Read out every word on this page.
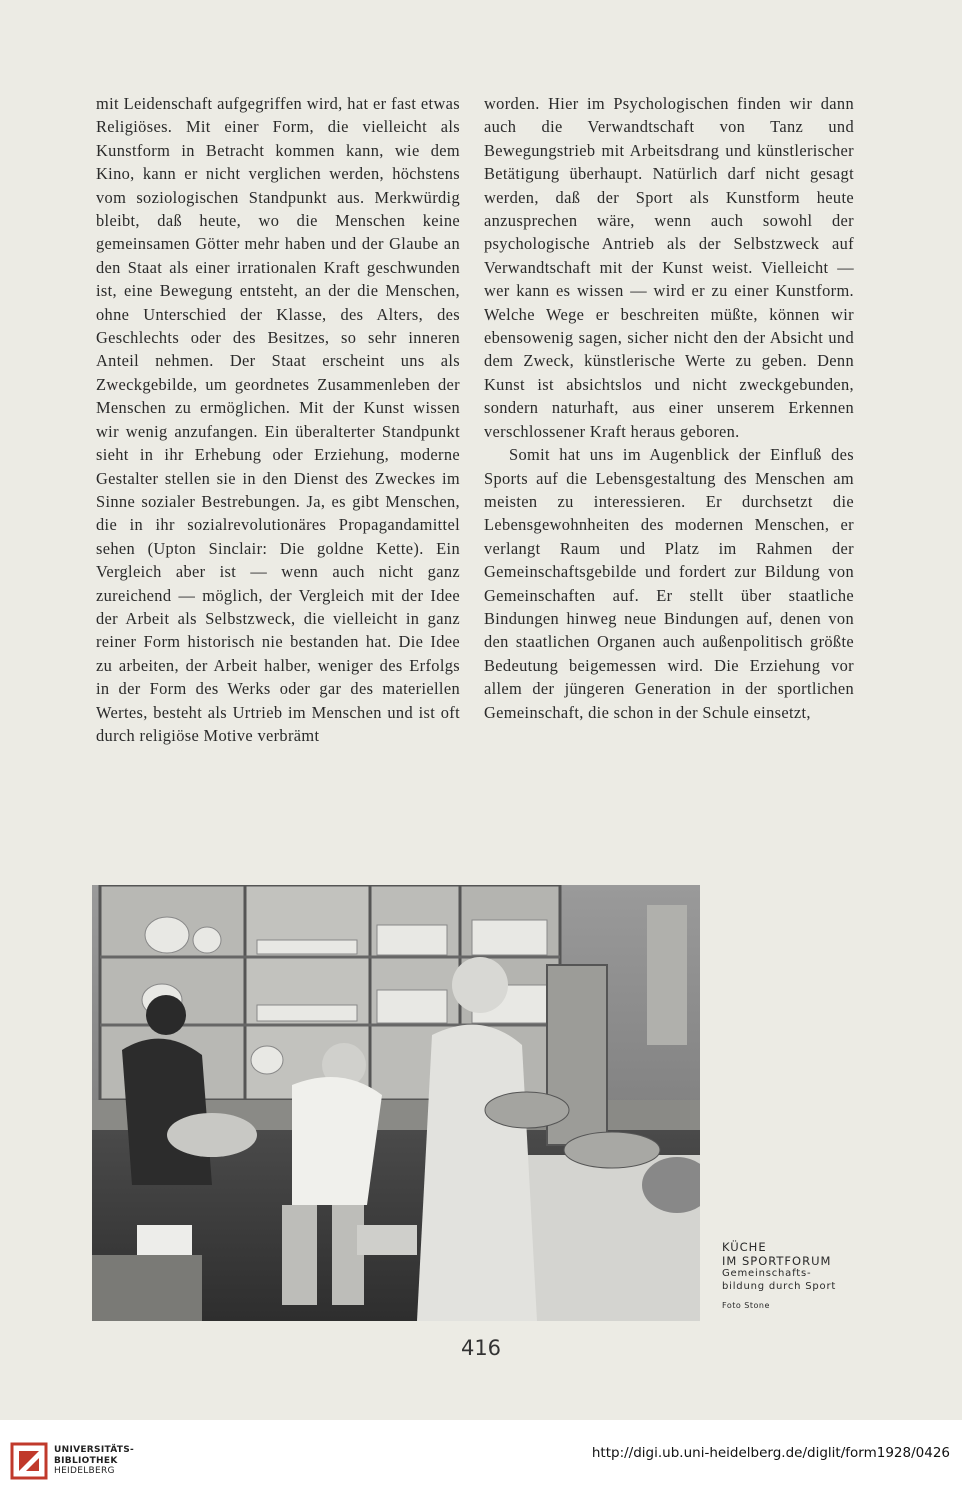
mit Leidenschaft aufgegriffen wird, hat er fast etwas Religiöses. Mit einer Form, die vielleicht als Kunstform in Betracht kommen kann, wie dem Kino, kann er nicht verglichen werden, höchstens vom soziologischen Standpunkt aus. Merkwürdig bleibt, daß heute, wo die Menschen keine gemeinsamen Götter mehr haben und der Glaube an den Staat als einer irrationalen Kraft geschwunden ist, eine Bewegung entsteht, an der die Menschen, ohne Unterschied der Klasse, des Alters, des Geschlechts oder des Besitzes, so sehr inneren Anteil nehmen. Der Staat erscheint uns als Zweckgebilde, um geordnetes Zusammenleben der Menschen zu ermöglichen. Mit der Kunst wissen wir wenig anzufangen. Ein überalterter Standpunkt sieht in ihr Erhebung oder Erziehung, moderne Gestalter stellen sie in den Dienst des Zweckes im Sinne sozialer Bestrebungen. Ja, es gibt Menschen, die in ihr sozialrevolutionäres Propagandamittel sehen (Upton Sinclair: Die goldne Kette). Ein Vergleich aber ist — wenn auch nicht ganz zureichend — möglich, der Vergleich mit der Idee der Arbeit als Selbstzweck, die vielleicht in ganz reiner Form historisch nie bestanden hat. Die Idee zu arbeiten, der Arbeit halber, weniger des Erfolgs in der Form des Werks oder gar des materiellen Wertes, besteht als Urtrieb im Menschen und ist oft durch religiöse Motive verbrämt

worden. Hier im Psychologischen finden wir dann auch die Verwandtschaft von Tanz und Bewegungstrieb mit Arbeitsdrang und künstlerischer Betätigung überhaupt. Natürlich darf nicht gesagt werden, daß der Sport als Kunstform heute anzusprechen wäre, wenn auch sowohl der psychologische Antrieb als der Selbstzweck auf Verwandtschaft mit der Kunst weist. Vielleicht — wer kann es wissen — wird er zu einer Kunstform. Welche Wege er beschreiten müßte, können wir ebensowenig sagen, sicher nicht den der Absicht und dem Zweck, künstlerische Werte zu geben. Denn Kunst ist absichtslos und nicht zweckgebunden, sondern naturhaft, aus einer unserem Erkennen verschlossener Kraft heraus geboren.

Somit hat uns im Augenblick der Einfluß des Sports auf die Lebensgestaltung des Menschen am meisten zu interessieren. Er durchsetzt die Lebensgewohnheiten des modernen Menschen, er verlangt Raum und Platz im Rahmen der Gemeinschaftsgebilde und fordert zur Bildung von Gemeinschaften auf. Er stellt über staatliche Bindungen hinweg neue Bindungen auf, denen von den staatlichen Organen auch außenpolitisch größte Bedeutung beigemessen wird. Die Erziehung vor allem der jüngeren Generation in der sportlichen Gemeinschaft, die schon in der Schule einsetzt,

KÜCHE
IM SPORTFORUM
Gemeinschafts-
bildung durch Sport
Foto Stone
416
UNIVERSITÄTS-
BIBLIOTHEK
HEIDELBERG
http://digi.ub.uni-heidelberg.de/diglit/form1928/0426
